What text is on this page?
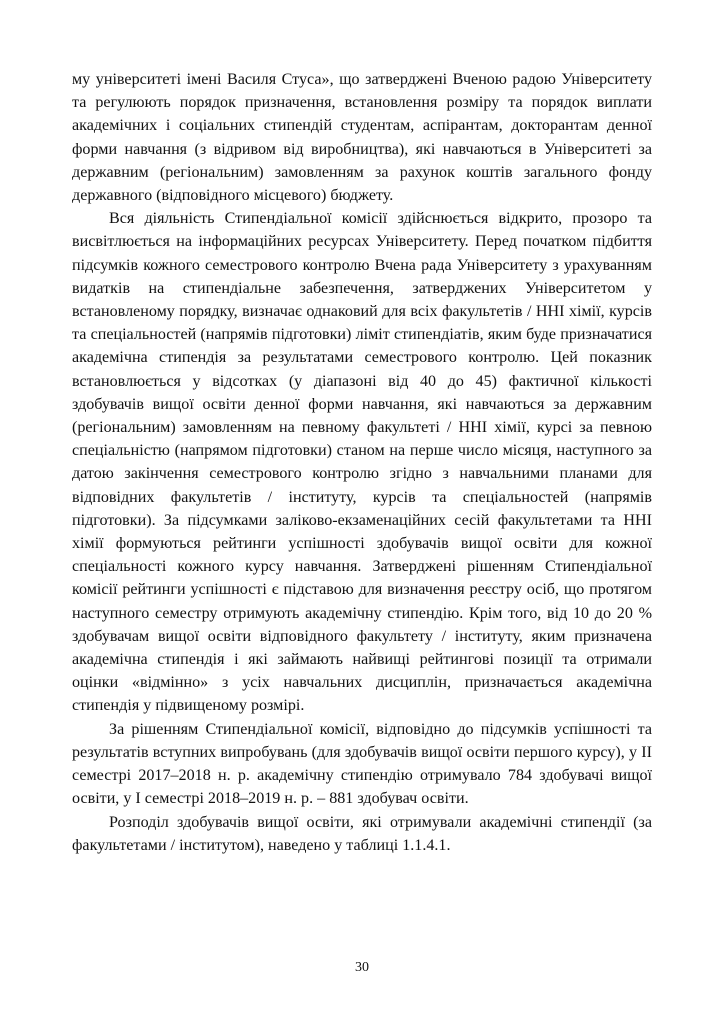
му університеті імені Василя Стуса», що затверджені Вченою радою Університету та регулюють порядок призначення, встановлення розміру та порядок виплати академічних і соціальних стипендій студентам, аспірантам, докторантам денної форми навчання (з відривом від виробництва), які навчаються в Університеті за державним (регіональним) замовленням за рахунок коштів загального фонду державного (відповідного місцевого) бюджету.

Вся діяльність Стипендіальної комісії здійснюється відкрито, прозоро та висвітлюється на інформаційних ресурсах Університету. Перед початком підбиття підсумків кожного семестрового контролю Вчена рада Університету з урахуванням видатків на стипендіальне забезпечення, затверджених Університетом у встановленому порядку, визначає однаковий для всіх факультетів / ННІ хімії, курсів та спеціальностей (напрямів підготовки) ліміт стипендіатів, яким буде призначатися академічна стипендія за результатами семестрового контролю. Цей показник встановлюється у відсотках (у діапазоні від 40 до 45) фактичної кількості здобувачів вищої освіти денної форми навчання, які навчаються за державним (регіональним) замовленням на певному факультеті / ННІ хімії, курсі за певною спеціальністю (напрямом підготовки) станом на перше число місяця, наступного за датою закінчення семестрового контролю згідно з навчальними планами для відповідних факультетів / інституту, курсів та спеціальностей (напрямів підготовки). За підсумками заліково-екзаменаційних сесій факультетами та ННІ хімії формуються рейтинги успішності здобувачів вищої освіти для кожної спеціальності кожного курсу навчання. Затверджені рішенням Стипендіальної комісії рейтинги успішності є підставою для визначення реєстру осіб, що протягом наступного семестру отримують академічну стипендію. Крім того, від 10 до 20 % здобувачам вищої освіти відповідного факультету / інституту, яким призначена академічна стипендія і які займають найвищі рейтингові позиції та отримали оцінки «відмінно» з усіх навчальних дисциплін, призначається академічна стипендія у підвищеному розмірі.

За рішенням Стипендіальної комісії, відповідно до підсумків успішності та результатів вступних випробувань (для здобувачів вищої освіти першого курсу), у ІІ семестрі 2017–2018 н. р. академічну стипендію отримувало 784 здобувачі вищої освіти, у І семестрі 2018–2019 н. р. – 881 здобувач освіти.

Розподіл здобувачів вищої освіти, які отримували академічні стипендії (за факультетами / інститутом), наведено у таблиці 1.1.4.1.

30
